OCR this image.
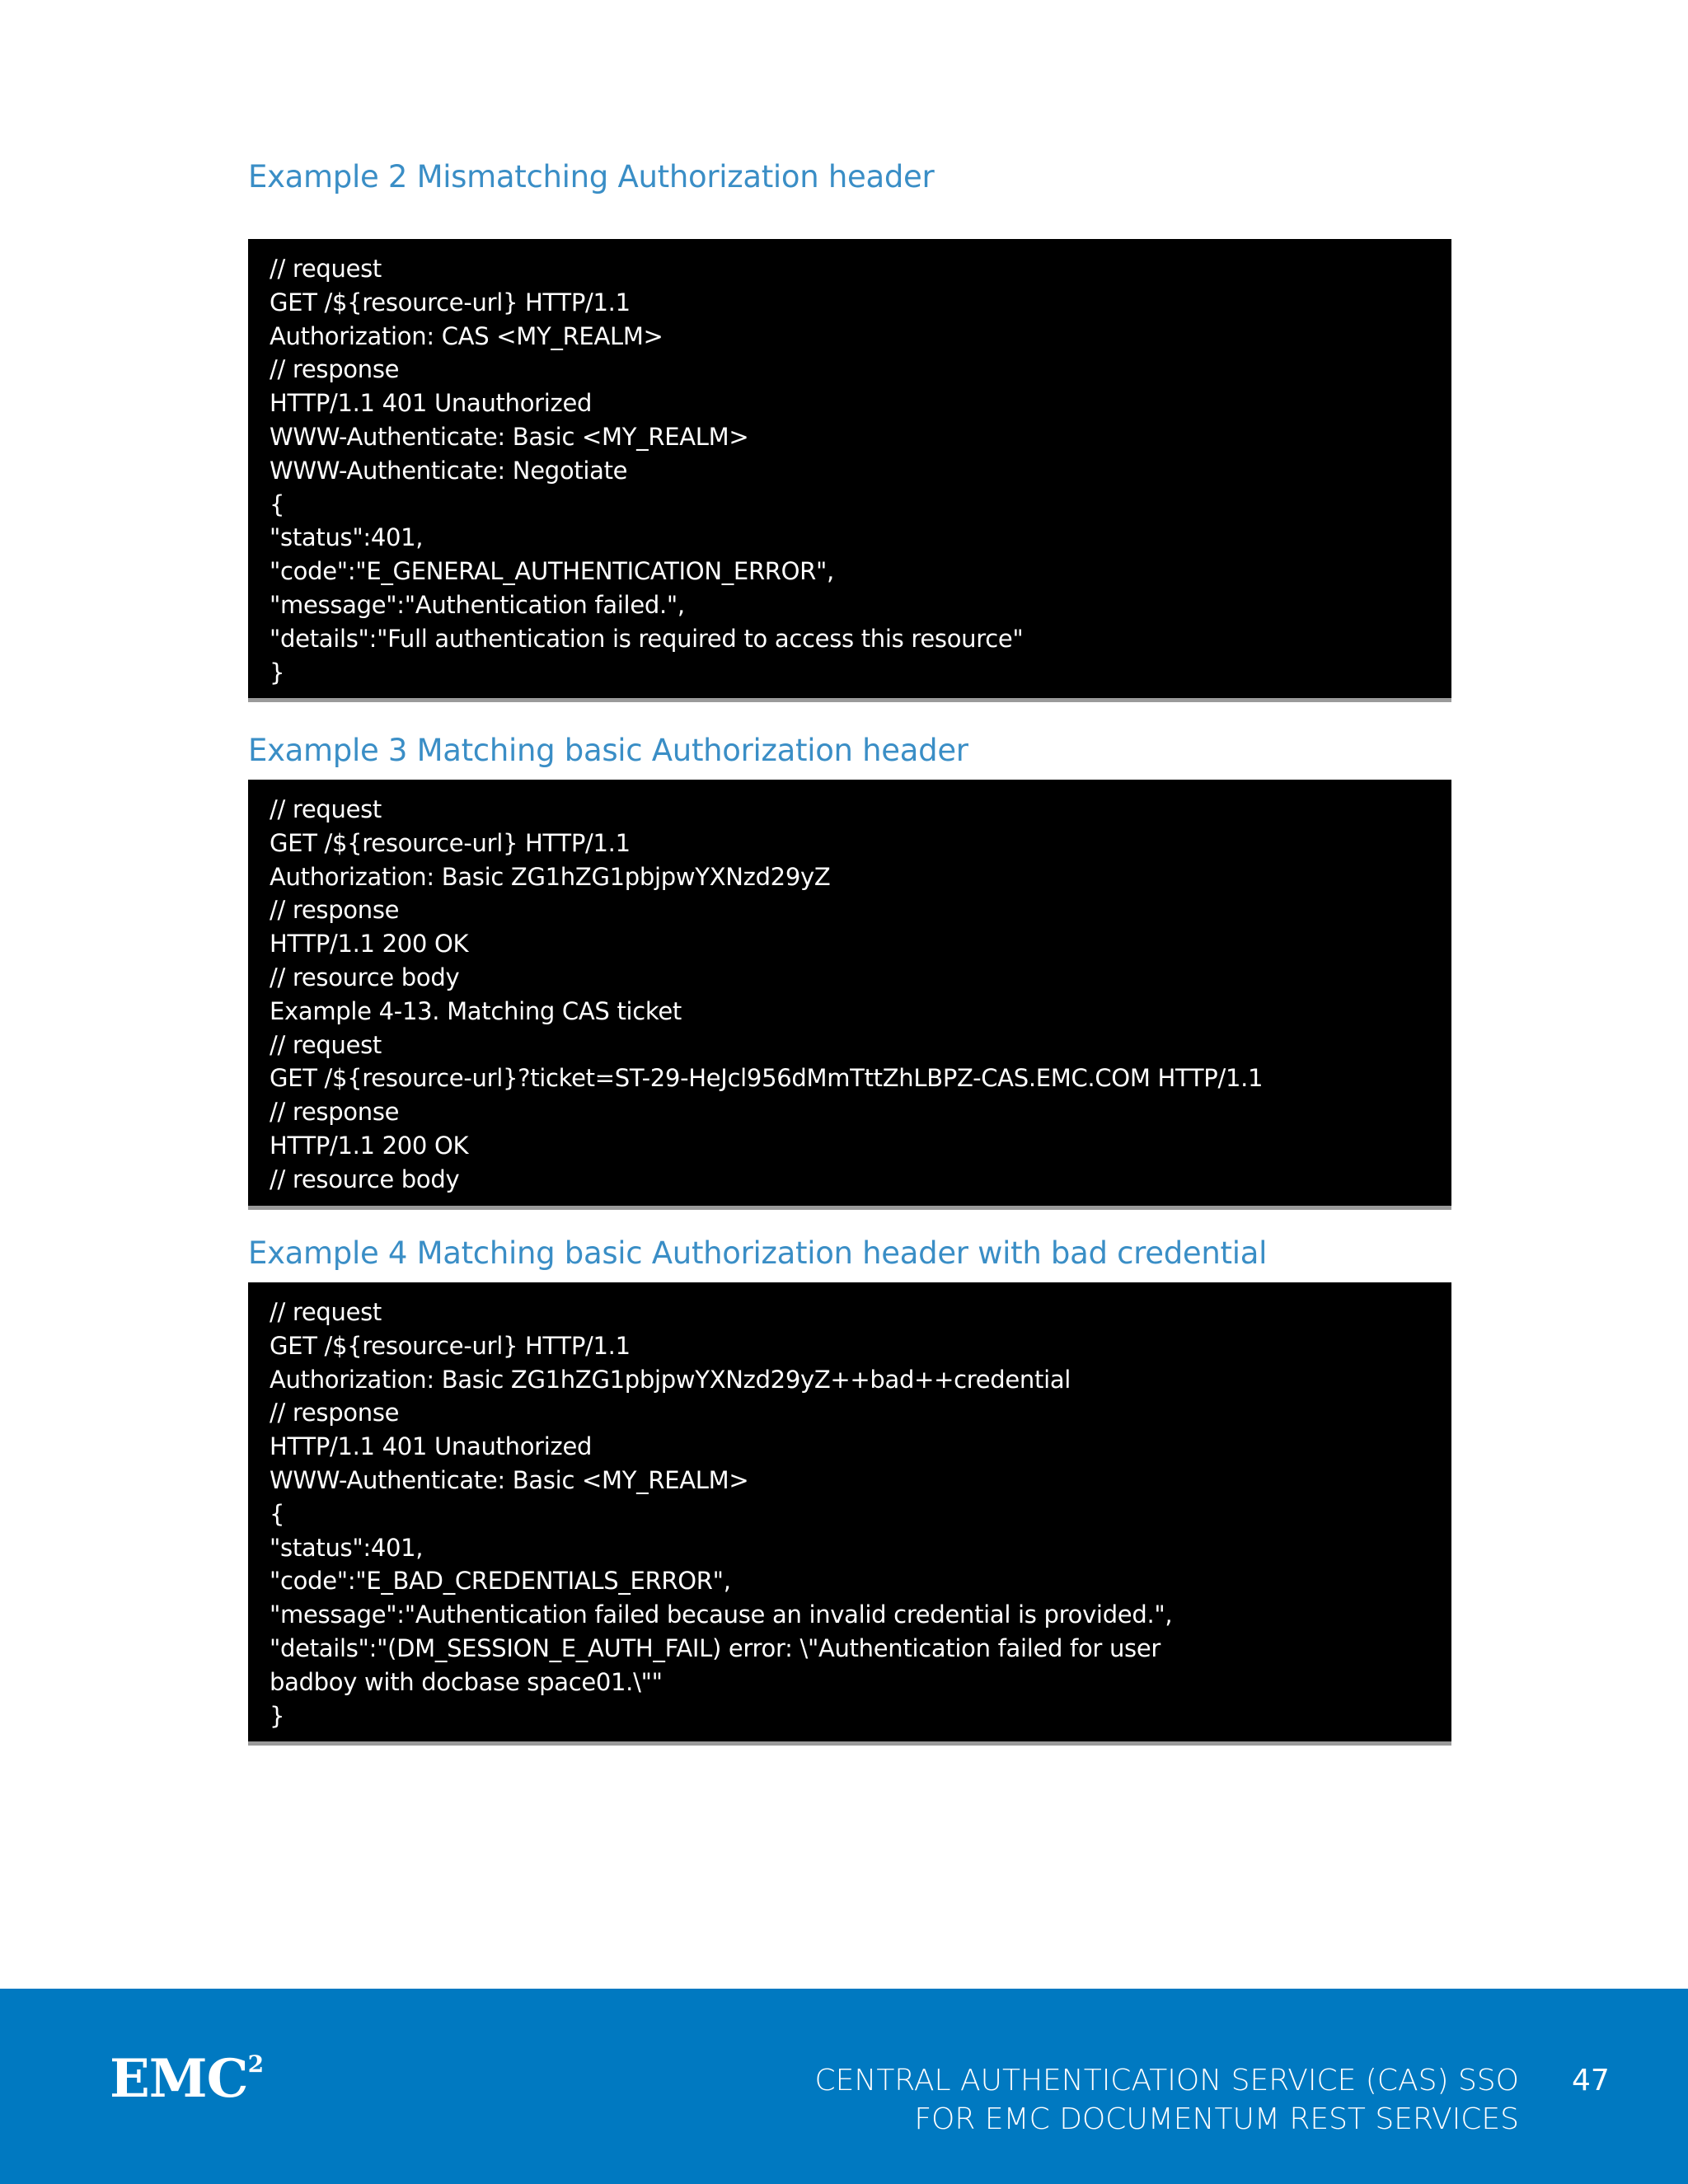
Example 2 Mismatching Authorization header
// request
GET /${resource-url} HTTP/1.1
Authorization: CAS <MY_REALM>
// response
HTTP/1.1 401 Unauthorized
WWW-Authenticate: Basic <MY_REALM>
WWW-Authenticate: Negotiate
{
"status":401,
"code":"E_GENERAL_AUTHENTICATION_ERROR",
"message":"Authentication failed.",
"details":"Full authentication is required to access this resource"
}
Example 3 Matching basic Authorization header
// request
GET /${resource-url} HTTP/1.1
Authorization: Basic ZG1hZG1pbjpwYXNzd29yZ
// response
HTTP/1.1 200 OK
// resource body
Example 4-13. Matching CAS ticket
// request
GET /${resource-url}?ticket=ST-29-HeJcl956dMmTttZhLBPZ-CAS.EMC.COM HTTP/1.1
// response
HTTP/1.1 200 OK
// resource body
Example 4 Matching basic Authorization header with bad credential
// request
GET /${resource-url} HTTP/1.1
Authorization: Basic ZG1hZG1pbjpwYXNzd29yZ++bad++credential
// response
HTTP/1.1 401 Unauthorized
WWW-Authenticate: Basic <MY_REALM>
{
"status":401,
"code":"E_BAD_CREDENTIALS_ERROR",
"message":"Authentication failed because an invalid credential is provided.",
"details":"(DM_SESSION_E_AUTH_FAIL) error: \"Authentication failed for user
badboy with docbase space01.\""
}
EMC$^2$	CENTRAL AUTHENTICATION SERVICE (CAS) SSO
FOR EMC DOCUMENTUM REST SERVICES
47
